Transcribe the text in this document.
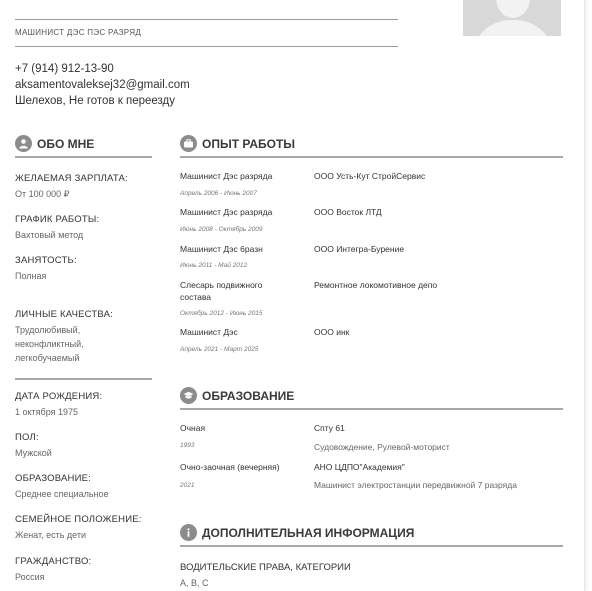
МАШИНИСТ ДЭС ПЭС РАЗРЯД
+7 (914) 912-13-90
aksamentovaleksej32@gmail.com
Шелехов, Не готов к переезду
ОБО МНЕ
ЖЕЛАЕМАЯ ЗАРПЛАТА:
От 100 000 ₽
ГРАФИК РАБОТЫ:
Вахтовый метод
ЗАНЯТОСТЬ:
Полная
ЛИЧНЫЕ КАЧЕСТВА:
Трудолюбивый,
неконфликтный,
легкобучаемый
ДАТА РОЖДЕНИЯ:
1 октября 1975
ПОЛ:
Мужской
ОБРАЗОВАНИЕ:
Среднее специальное
СЕМЕЙНОЕ ПОЛОЖЕНИЕ:
Женат, есть дети
ГРАЖДАНСТВО:
Россия
ОПЫТ РАБОТЫ
Машинист Дэс разряда
Апрель 2006 - Июнь 2007
ООО Усть-Кут СтройСервис
Машинист Дэс разряда
Июнь 2008 - Октябрь 2009
ООО Восток ЛТД
Машинист Дэс 6разн
Июнь 2011 - Май 2012
ООО Интегра-Бурение
Слесарь подвижного
состава
Октябрь 2012 - Июнь 2015
Ремонтное локомотивное депо
Машинист Дэс
Апрель 2021 - Март 2025
ООО инк
ОБРАЗОВАНИЕ
Очная
1993
Спту 61
Судовождение, Рулевой-моторист
Очно-заочная (вечерняя)
2021
АНО ЦДПО"Академия"
Машинист электростанции передвижной 7 разряда
ДОПОЛНИТЕЛЬНАЯ ИНФОРМАЦИЯ
ВОДИТЕЛЬСКИЕ ПРАВА, КАТЕГОРИИ
A, B, C
